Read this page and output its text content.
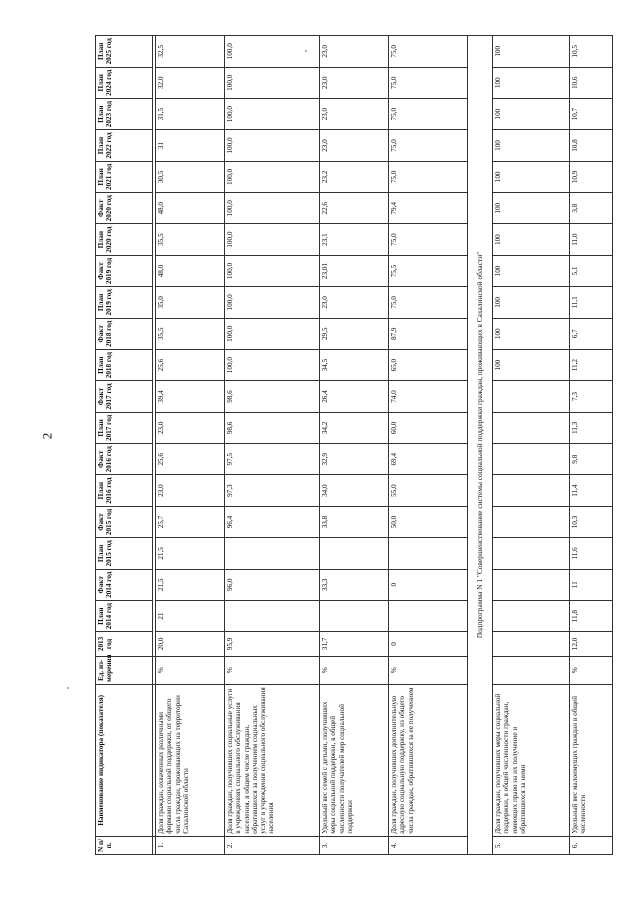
2
N п/п.	Наименование индикатора (показателя)	Ед. из-мерения	2013 год	План 2014 год	Факт 2014 год	План 2015 год	Факт 2015 год	План 2016 год	Факт 2016 год	План 2017 год	Факт 2017 год	План 2018 год	Факт 2018 год	План 2019 год	Факт 2019 год	План 2020 год	Факт 2020 год	План 2021 год	План 2022 год	План 2023 год	План 2024 год	План 2025 год

1.	Доля граждан, охваченных различными формами социальной поддержки, от общего числа граждан, проживающих на территории Сахалинской области	%	20,0	21	21,5	21,5	25,7	23,0	25,6	23,0	39,4	25,6	35,5	35,0	48,0	35,5	48,0	30,5	31	31,5	32,0	32,5
2.	Доля граждан, получивших социальные услуги в учреждениях социального обслуживания населения, в общем числе граждан, обратившихся за получением социальных услуг в учреждения социального обслуживания населения	%	95,9		96,0		96,4	97,3	97,5	98,6	98,6	100,0	100,0	100,0	100,0	100,0	100,0	100,0	100,0	100,0	100,0	100,0
3.	Удельный вес семей с детьми, получивших меры социальной поддержки, в общей численности получателей мер социальной поддержки	%	31,7		33,3		33,8	34,0	32,9	34,2	26,4	34,5	29,5	23,0	23,01	23,1	22,6	23,2	23,0	23,0	23,0	23,0
4.	Доля граждан, получивших дополнительную адресную социальную поддержку, из общего числа граждан, обратившихся за ее получением	%	0		0		50,0	55,0	69,4	60,0	74,0	65,0	87,9	75,0	75,5	75,0	79,4	75,0	75,0	75,0	75,0	75,0
Подпрограмма N 1 "Совершенствование системы социальной поддержки граждан, проживающих в Сахалинской области"																						
5.	Доля граждан, получивших меры социальной поддержки, в общей численности граждан, имеющих право на их получение и обратившихся за ними											100	100	100	100	100	100	100	100	100	100	100
6.	Удельный вес малоимущих граждан в общей численности	%	12,0	11,8	11	11,6	10,3	11,4	9,8	11,3	7,3	11,2	6,7	11,1	5,1	11,0	3,8	10,9	10,8	10,7	10,6	10,5
